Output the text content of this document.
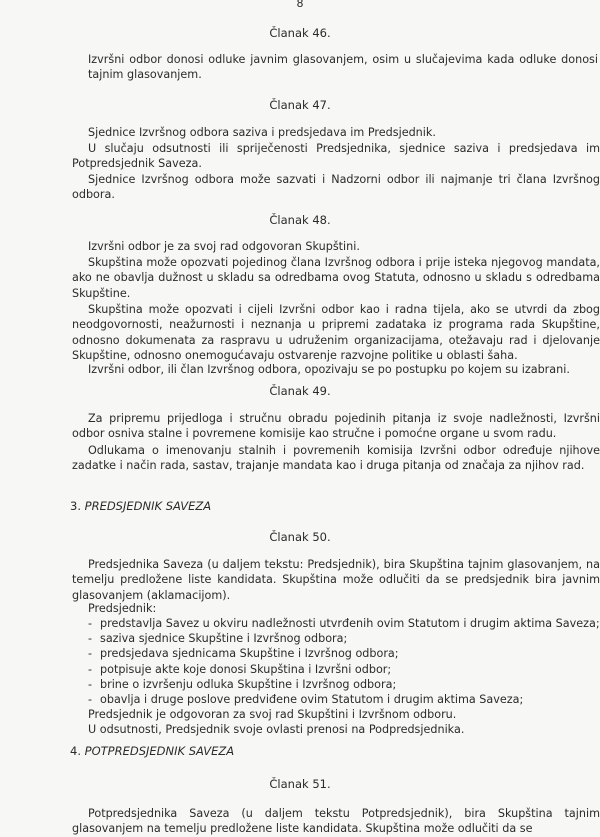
8
Članak 46.
Izvršni odbor donosi odluke javnim glasovanjem, osim u slučajevima kada odluke donosi tajnim glasovanjem.
Članak 47.
Sjednice Izvršnog odbora saziva i predsjedava im Predsjednik.
U slučaju odsutnosti ili spriječenosti Predsjednika, sjednice saziva i predsjedava im Potpredsjednik Saveza.
Sjednice Izvršnog odbora može sazvati i Nadzorni odbor ili najmanje tri člana Izvršnog odbora.
Članak 48.
Izvršni odbor je za svoj rad odgovoran Skupštini.
Skupština može opozvati pojedinog člana Izvršnog odbora i prije isteka njegovog mandata, ako ne obavlja dužnost u skladu sa odredbama ovog Statuta, odnosno u skladu s odredbama Skupštine.
Skupština može opozvati i cijeli Izvršni odbor kao i radna tijela, ako se utvrdi da zbog neodgovornosti, neažurnosti i neznanja u pripremi zadataka iz programa rada Skupštine, odnosno dokumenata za raspravu u udruženim organizacijama, otežavaju rad i djelovanje Skupštine, odnosno onemogućavaju ostvarenje razvojne politike u oblasti šaha.
Izvršni odbor, ili član Izvršnog odbora, opozivaju se po postupku po kojem su izabrani.
Članak 49.
Za pripremu prijedloga i stručnu obradu pojedinih pitanja iz svoje nadležnosti, Izvršni odbor osniva stalne i povremene komisije kao stručne i pomoćne organe u svom radu.
Odlukama o imenovanju stalnih i povremenih komisija Izvršni odbor određuje njihove zadatke i način rada, sastav, trajanje mandata kao i druga pitanja od značaja za njihov rad.
3. PREDSJEDNIK SAVEZA
Članak 50.
Predsjednika Saveza (u daljem tekstu: Predsjednik), bira Skupština tajnim glasovanjem, na temelju predložene liste kandidata. Skupština može odlučiti da se predsjednik bira javnim glasovanjem (aklamacijom).
Predsjednik:
- predstavlja Savez u okviru nadležnosti utvrđenih ovim Statutom i drugim aktima Saveza;
- saziva sjednice Skupštine i Izvršnog odbora;
- predsjedava sjednicama Skupštine i Izvršnog odbora;
- potpisuje akte koje donosi Skupština i Izvršni odbor;
- brine o izvršenju odluka Skupštine i Izvršnog odbora;
- obavlja i druge poslove predviđene ovim Statutom i drugim aktima Saveza;
Predsjednik je odgovoran za svoj rad Skupštini i Izvršnom odboru.
U odsutnosti, Predsjednik svoje ovlasti prenosi na Podpredsjednika.
4. POTPREDSJEDNIK SAVEZA
Članak 51.
Potpredsjednika Saveza (u daljem tekstu Potpredsjednik), bira Skupština tajnim glasovanjem na temelju predložene liste kandidata. Skupština može odlučiti da se
